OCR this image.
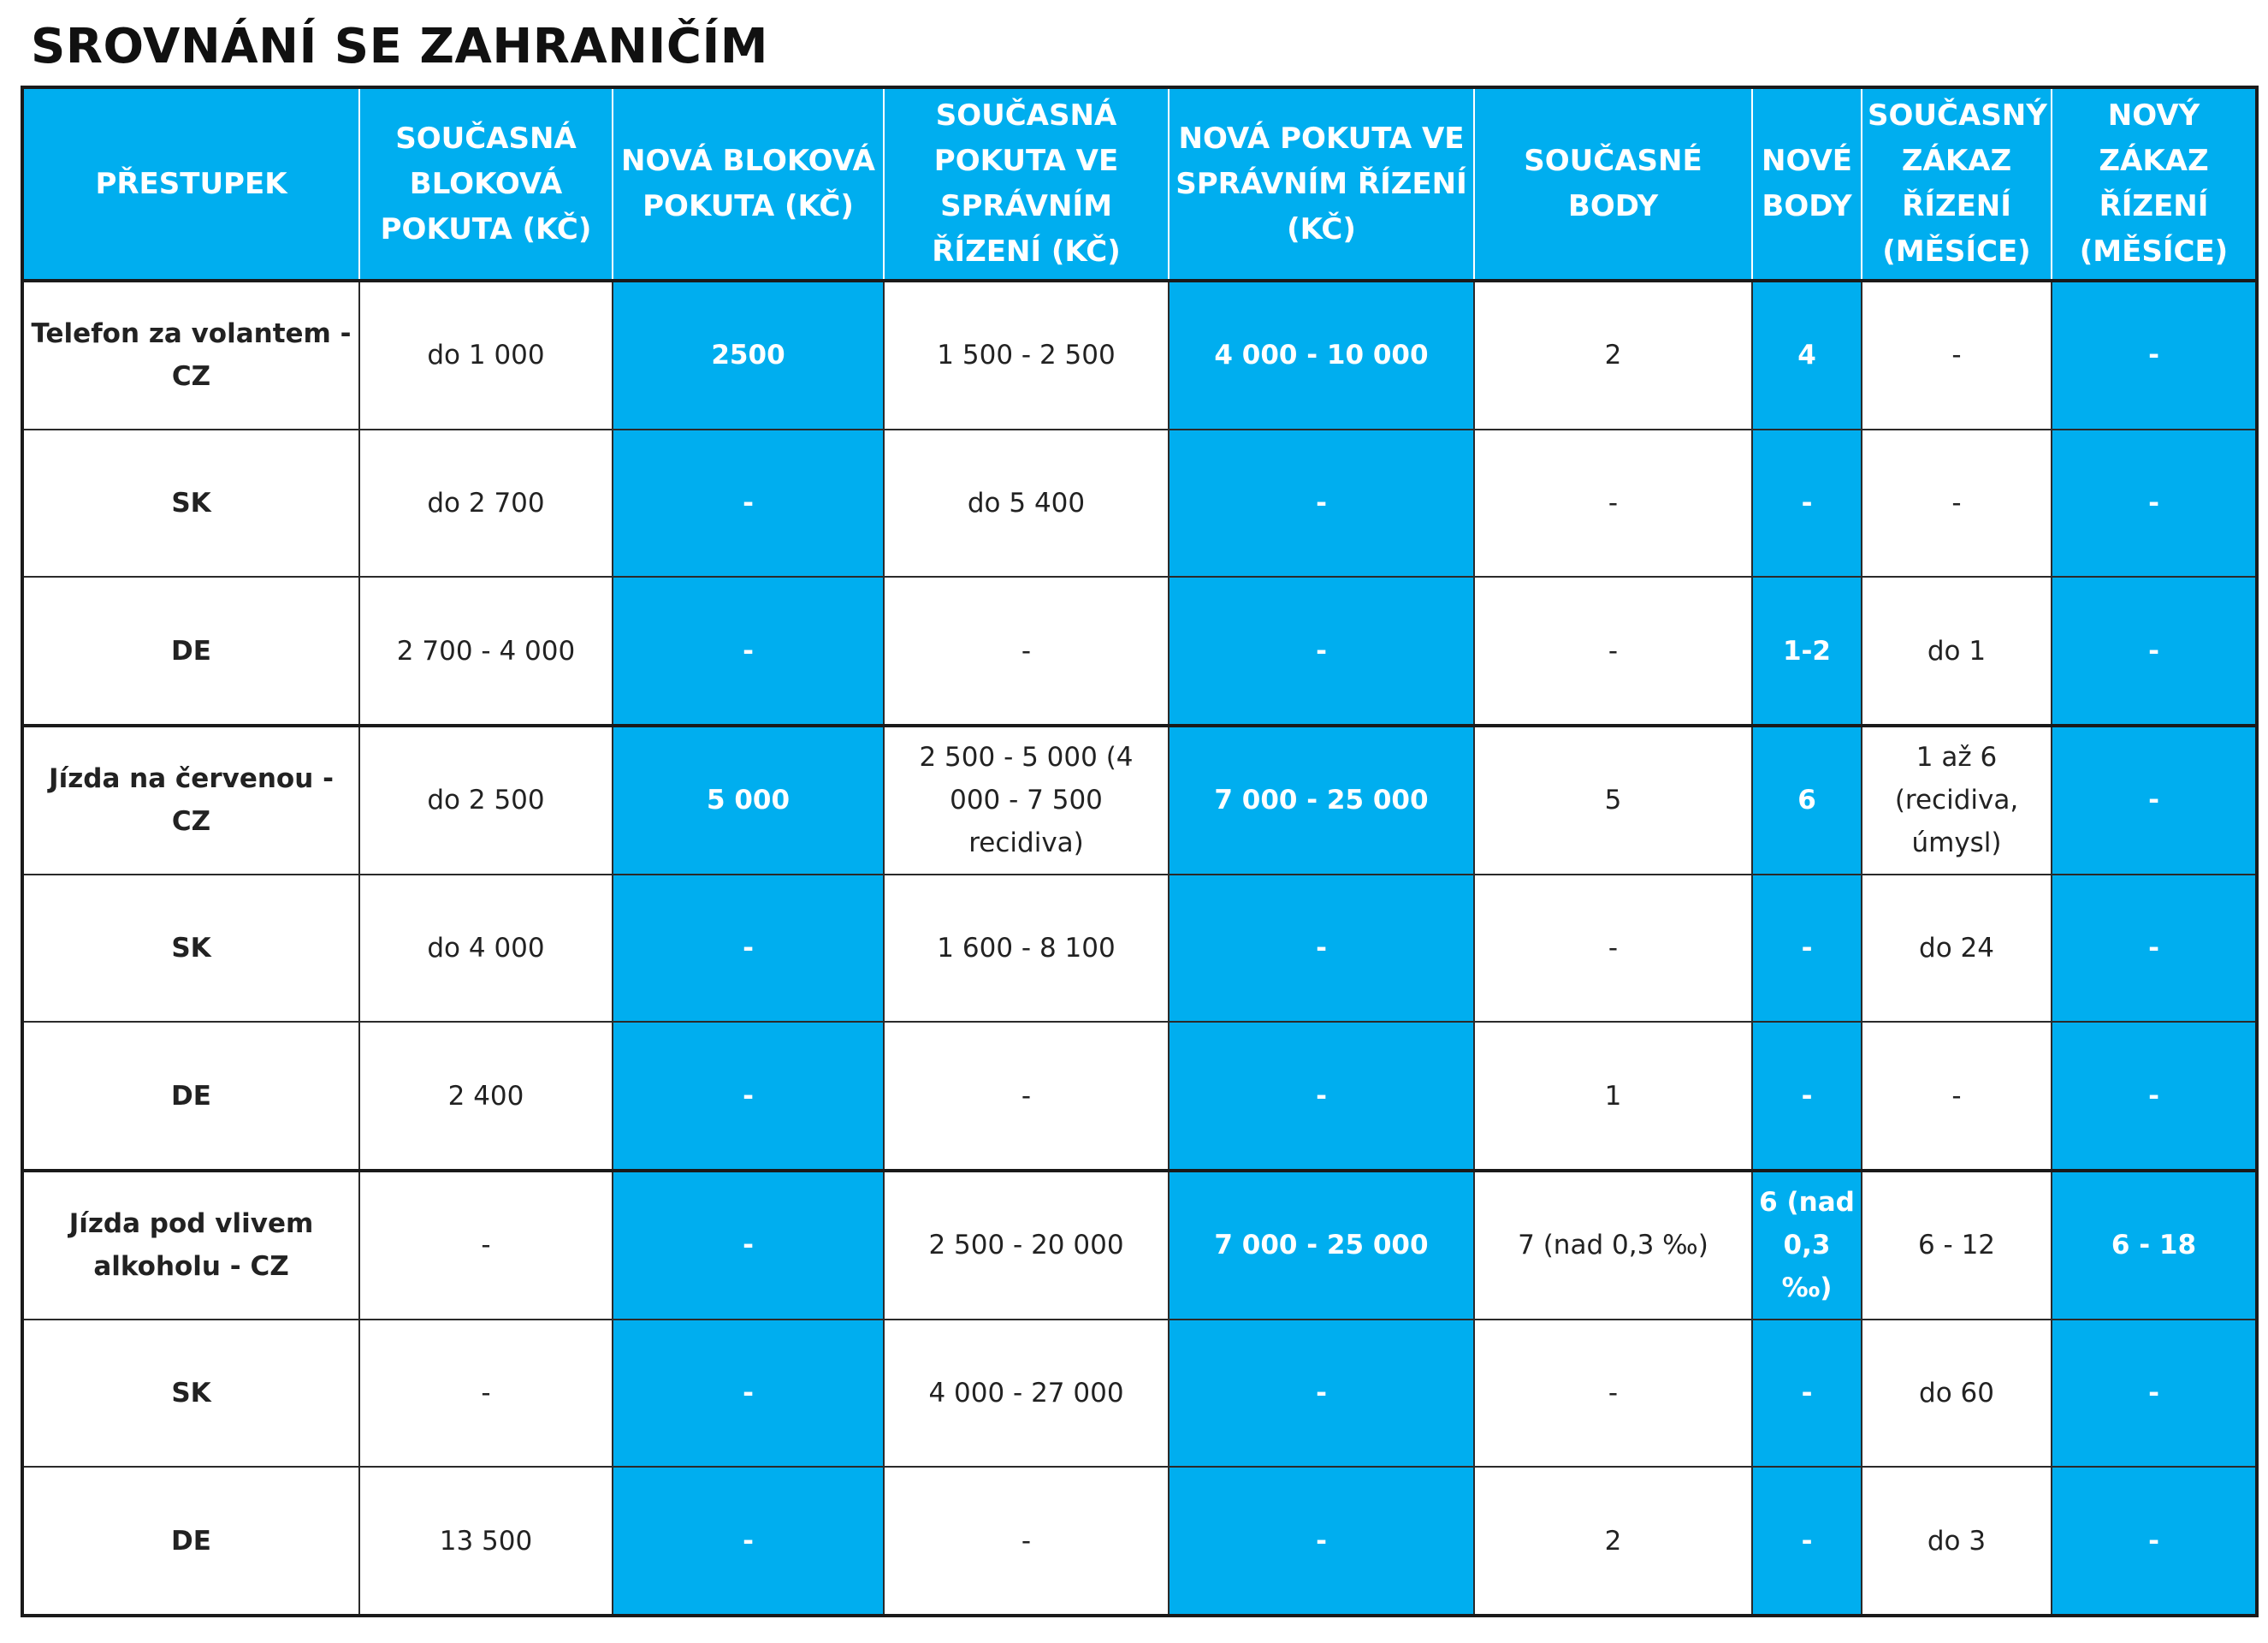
SROVNÁNÍ SE ZAHRANIČÍM
PŘESTUPEK	SOUČASNÁ BLOKOVÁ POKUTA (KČ)	NOVÁ BLOKOVÁ POKUTA (KČ)	SOUČASNÁ POKUTA VE SPRÁVNÍM ŘÍZENÍ (KČ)	NOVÁ POKUTA VE SPRÁVNÍM ŘÍZENÍ (KČ)	SOUČASNÉ BODY	NOVÉ BODY	SOUČASNÝ ZÁKAZ ŘÍZENÍ (MĚSÍCE)	NOVÝ ZÁKAZ ŘÍZENÍ (MĚSÍCE)
Telefon za volantem - CZ	do 1 000	2500	1 500 - 2 500	4 000 - 10 000	2	4	-	-
SK	do 2 700	-	do 5 400	-	-	-	-	-
DE	2 700 - 4 000	-	-	-	-	1-2	do 1	-
Jízda na červenou - CZ	do 2 500	5 000	2 500 - 5 000 (4 000 - 7 500 recidiva)	7 000 - 25 000	5	6	1 až 6 (recidiva, úmysl)	-
SK	do 4 000	-	1 600 - 8 100	-	-	-	do 24	-
DE	2 400	-	-	-	1	-	-	-
Jízda pod vlivem alkoholu - CZ	-	-	2 500 - 20 000	7 000 - 25 000	7 (nad 0,3 ‰)	6 (nad 0,3 ‰)	6 - 12	6 - 18
SK	-	-	4 000 - 27 000	-	-	-	do 60	-
DE	13 500	-	-	-	2	-	do 3	-
